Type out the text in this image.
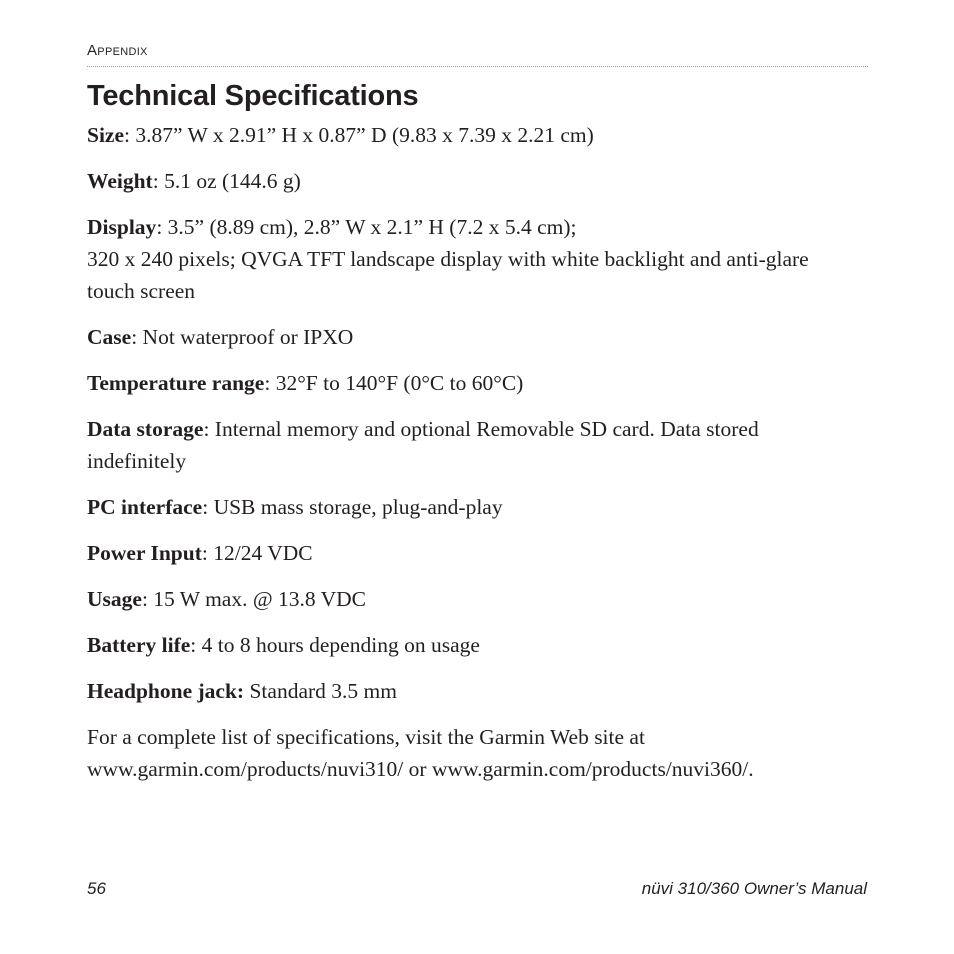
Appendix
Technical Specifications

Size: 3.87” W x 2.91” H x 0.87” D (9.83 x 7.39 x 2.21 cm)

Weight: 5.1 oz (144.6 g)

Display: 3.5” (8.89 cm), 2.8” W x 2.1” H (7.2 x 5.4 cm);
320 x 240 pixels; QVGA TFT landscape display with white backlight and anti-glare touch screen

Case: Not waterproof or IPXO

Temperature range: 32°F to 140°F (0°C to 60°C)

Data storage: Internal memory and optional Removable SD card. Data stored indefinitely

PC interface: USB mass storage, plug-and-play

Power Input: 12/24 VDC

Usage: 15 W max. @ 13.8 VDC

Battery life: 4 to 8 hours depending on usage

Headphone jack: Standard 3.5 mm

For a complete list of specifications, visit the Garmin Web site at
www.garmin.com/products/nuvi310/ or www.garmin.com/products/nuvi360/.

56	nüvi 310/360 Owner’s Manual
